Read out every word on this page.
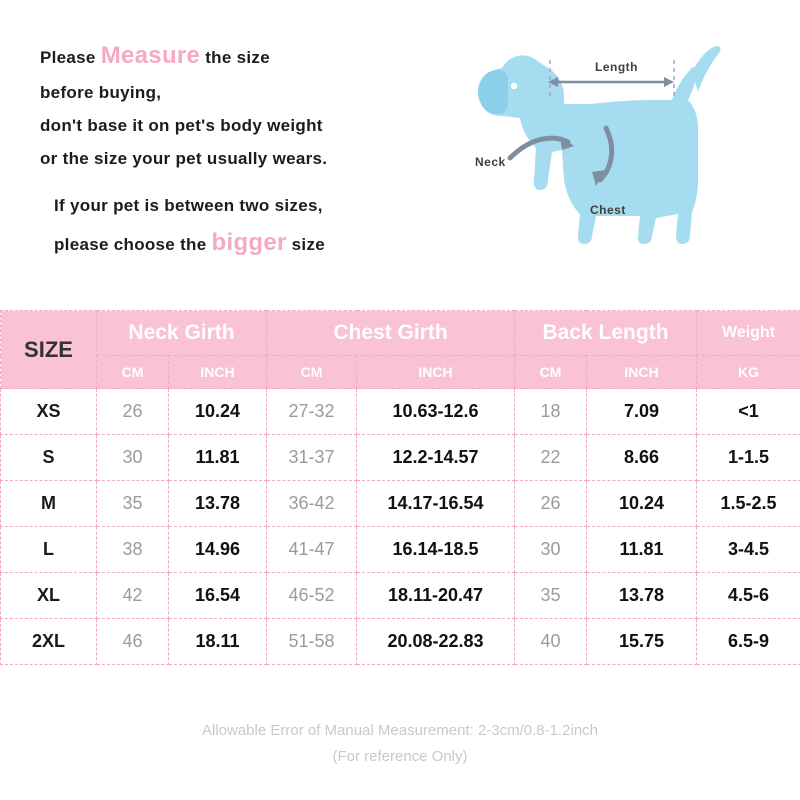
Please Measure the size
before buying,
don't base it on pet's body weight
or the size your pet usually wears.
If your pet is between two sizes,
please choose the bigger size
Length
Neck
Chest
SIZE	Neck Girth		Chest Girth		Back Length		Weight
	CM	INCH	CM	INCH	CM	INCH	KG
XS	26	10.24	27-32	10.63-12.6	18	7.09	<1
S	30	11.81	31-37	12.2-14.57	22	8.66	1-1.5
M	35	13.78	36-42	14.17-16.54	26	10.24	1.5-2.5
L	38	14.96	41-47	16.14-18.5	30	11.81	3-4.5
XL	42	16.54	46-52	18.11-20.47	35	13.78	4.5-6
2XL	46	18.11	51-58	20.08-22.83	40	15.75	6.5-9
Allowable Error of Manual Measurement: 2-3cm/0.8-1.2inch
(For reference Only)
